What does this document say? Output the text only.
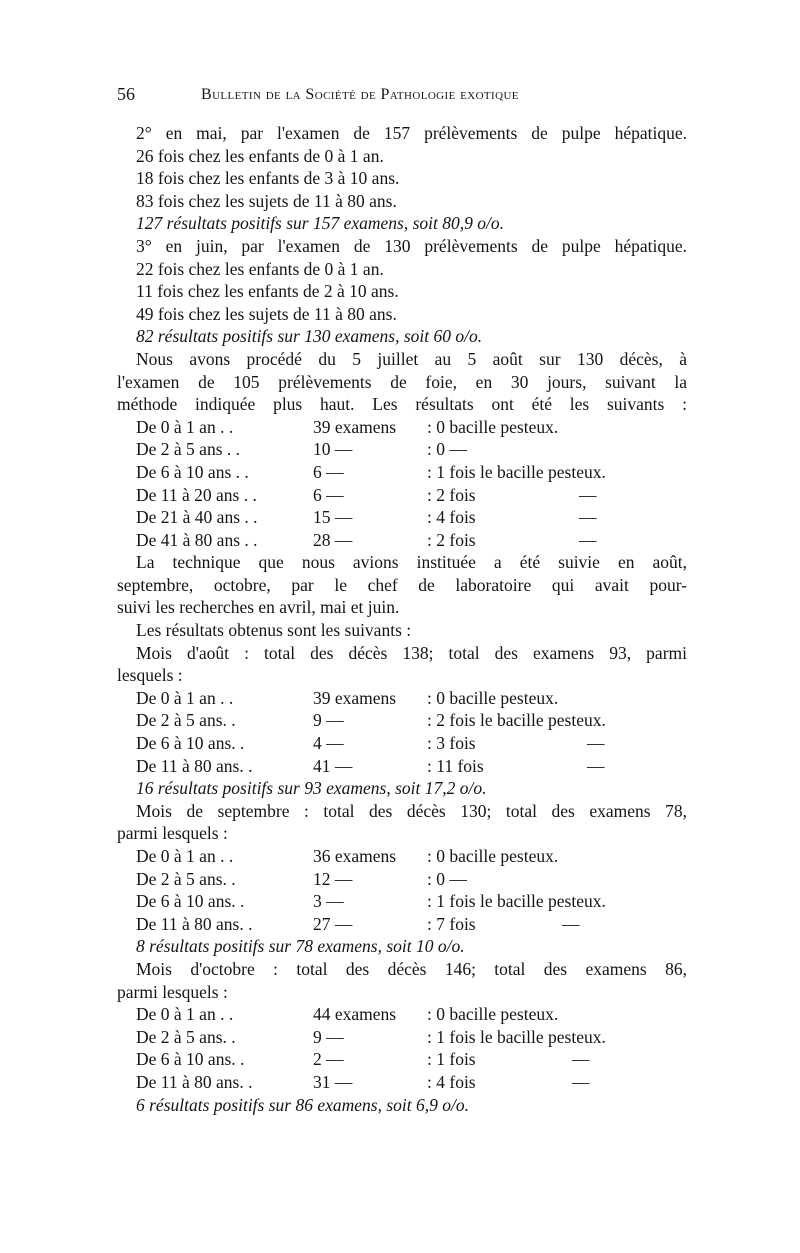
56	Bulletin de la Société de Pathologie exotique
2° en mai, par l'examen de 157 prélèvements de pulpe hépatique.
26 fois chez les enfants de 0 à 1 an.
18 fois chez les enfants de 3 à 10 ans.
83 fois chez les sujets de 11 à 80 ans.
127 résultats positifs sur 157 examens, soit 80,9 o/o.
3° en juin, par l'examen de 130 prélèvements de pulpe hépatique.
22 fois chez les enfants de 0 à 1 an.
11 fois chez les enfants de 2 à 10 ans.
49 fois chez les sujets de 11 à 80 ans.
82 résultats positifs sur 130 examens, soit 60 o/o.
Nous avons procédé du 5 juillet au 5 août sur 130 décès, à
l'examen de 105 prélèvements de foie, en 30 jours, suivant la
méthode indiquée plus haut. Les résultats ont été les suivants :
De 0 à 1 an . .	39 examens : 0 bacille pesteux.
De 2 à 5 ans . .	10 —	: 0 —
De 6 à 10 ans . .	6 —	: 1 fois le bacille pesteux.
De 11 à 20 ans . .	6 —	: 2 fois	—
De 21 à 40 ans . .	15 —	: 4 fois	—
De 41 à 80 ans . .	28 —	: 2 fois	—
La technique que nous avions instituée a été suivie en août,
septembre, octobre, par le chef de laboratoire qui avait pour-
suivi les recherches en avril, mai et juin.
Les résultats obtenus sont les suivants :
Mois d'août : total des décès 138; total des examens 93, parmi
lesquels :
De 0 à 1 an . .	39 examens : 0 bacille pesteux.
De 2 à 5 ans. .	9 —	: 2 fois le bacille pesteux.
De 6 à 10 ans. .	4 —	: 3 fois	—
De 11 à 80 ans. .	41 —	: 11 fois	—
16 résultats positifs sur 93 examens, soit 17,2 o/o.
Mois de septembre : total des décès 130; total des examens 78,
parmi lesquels :
De 0 à 1 an . .	36 examens : 0 bacille pesteux.
De 2 à 5 ans. .	12 —	: 0 —
De 6 à 10 ans. .	3 —	: 1 fois le bacille pesteux.
De 11 à 80 ans. .	27 —	: 7 fois	—
8 résultats positifs sur 78 examens, soit 10 o/o.
Mois d'octobre : total des décès 146; total des examens 86,
parmi lesquels :
De 0 à 1 an . .	44 examens : 0 bacille pesteux.
De 2 à 5 ans. .	9 —	: 1 fois le bacille pesteux.
De 6 à 10 ans. .	2 —	: 1 fois	—
De 11 à 80 ans. .	31 —	: 4 fois	—
6 résultats positifs sur 86 examens, soit 6,9 o/o.
